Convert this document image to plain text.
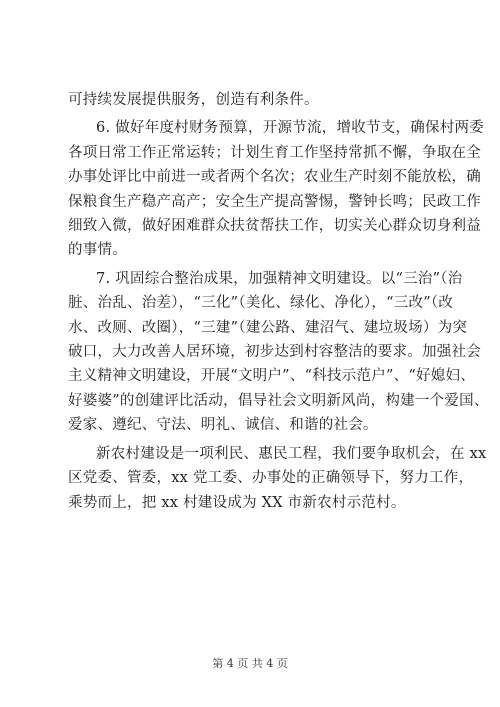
可持续发展提供服务，创造有利条件。
6. 做好年度村财务预算，开源节流，增收节支，确保村两委
各项日常工作正常运转；计划生育工作坚持常抓不懈，争取在全
办事处评比中前进一或者两个名次；农业生产时刻不能放松，确
保粮食生产稳产高产；安全生产提高警惕，警钟长鸣；民政工作
细致入微，做好困难群众扶贫帮扶工作，切实关心群众切身利益
的事情。
7. 巩固综合整治成果，加强精神文明建设。以“三治”（治
脏、治乱、治差），“三化”（美化、绿化、净化），“三改”（改
水、改厕、改圈），“三建”（建公路、建沼气、建垃圾场）为突
破口，大力改善人居环境，初步达到村容整洁的要求。加强社会
主义精神文明建设，开展“文明户”、“科技示范户”、“好媳妇、
好婆婆”的创建评比活动，倡导社会文明新风尚，构建一个爱国、
爱家、遵纪、守法、明礼、诚信、和谐的社会。
新农村建设是一项利民、惠民工程，我们要争取机会，在 xx
区党委、管委，xx 党工委、办事处的正确领导下，努力工作，
乘势而上，把 xx 村建设成为 XX 市新农村示范村。
第 4 页 共 4 页
